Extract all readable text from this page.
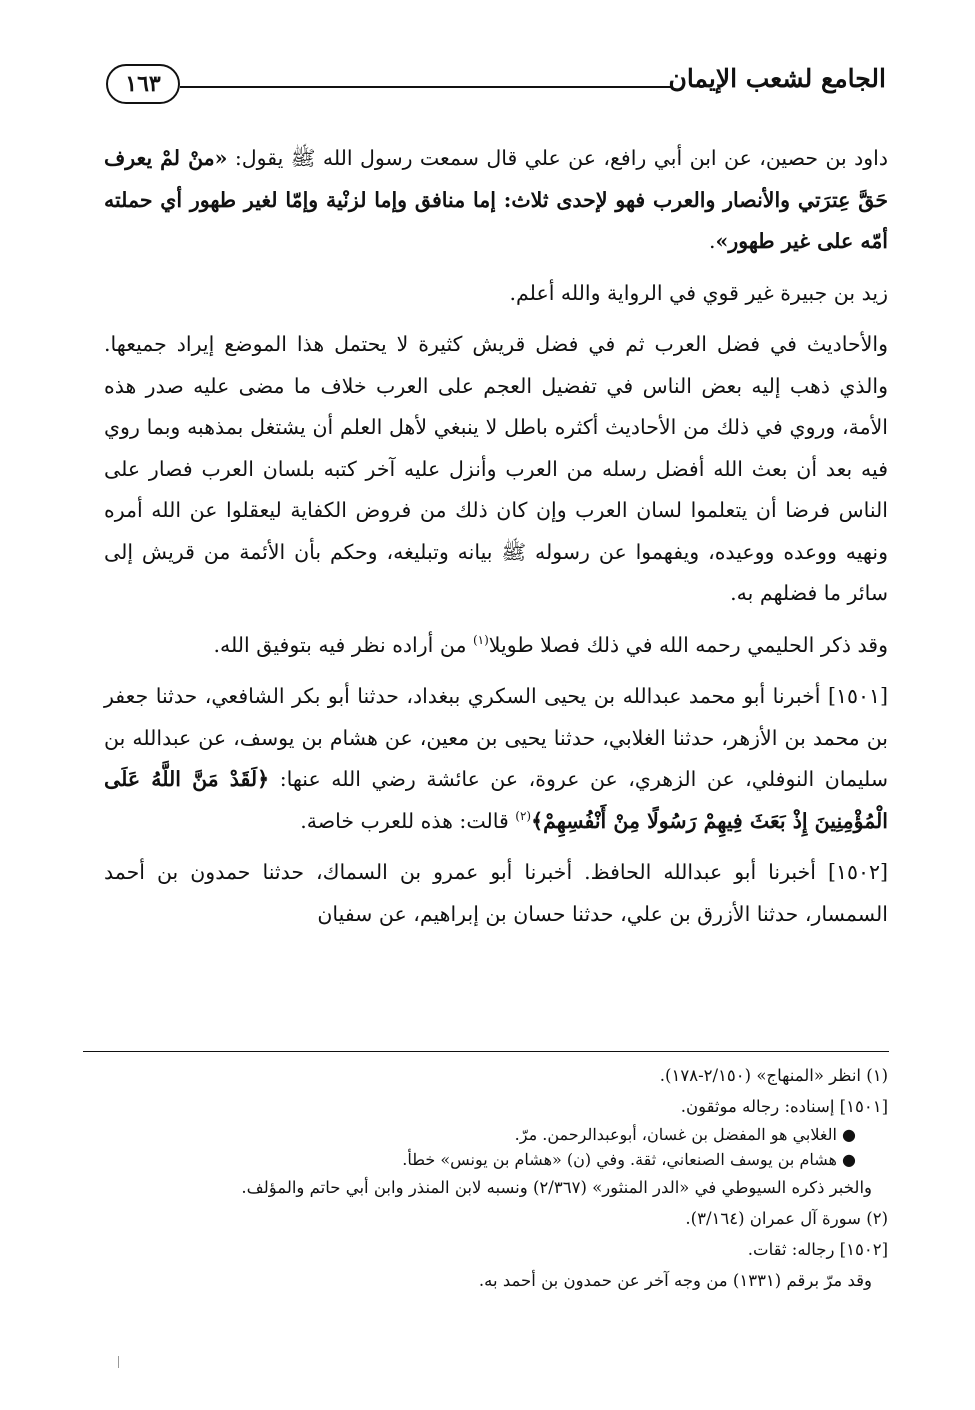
الجامع لشعب الإيمان
١٦٣

داود بن حصين، عن ابن أبي رافع، عن علي قال سمعت رسول الله ﷺ يقول: «منْ لمْ يعرف حَقَّ عِترَتي والأنصار والعرب فهو لإحدى ثلاث: إما منافق وإما لزنْية وإمّا لغير طهور أي حملته أمّه على غير طهور».

زيد بن جبيرة غير قوي في الرواية والله أعلم.

والأحاديث في فضل العرب ثم في فضل قريش كثيرة لا يحتمل هذا الموضع إيراد جميعها. والذي ذهب إليه بعض الناس في تفضيل العجم على العرب خلاف ما مضى عليه صدر هذه الأمة، وروي في ذلك من الأحاديث أكثره باطل لا ينبغي لأهل العلم أن يشتغل بمذهبه وبما روي فيه بعد أن بعث الله أفضل رسله من العرب وأنزل عليه آخر كتبه بلسان العرب فصار على الناس فرضا أن يتعلموا لسان العرب وإن كان ذلك من فروض الكفاية ليعقلوا عن الله أمره ونهيه ووعده ووعيده، ويفهموا عن رسوله ﷺ بيانه وتبليغه، وحكم بأن الأئمة من قريش إلى سائر ما فضلهم به.

وقد ذكر الحليمي رحمه الله في ذلك فصلا طويلا$^{(١)}$ من أراده نظر فيه بتوفيق الله.

[١٥٠١] أخبرنا أبو محمد عبدالله بن يحيى السكري ببغداد، حدثنا أبو بكر الشافعي، حدثنا جعفر بن محمد بن الأزهر، حدثنا الغلابي، حدثنا يحيى بن معين، عن هشام بن يوسف، عن عبدالله بن سليمان النوفلي، عن الزهري، عن عروة، عن عائشة رضي الله عنها: ﴿لَقَدْ مَنَّ اللَّهُ عَلَى الْمُؤْمِنِينَ إِذْ بَعَثَ فِيهِمْ رَسُولًا مِنْ أَنْفُسِهِمْ﴾$^{(٢)}$ قالت: هذه للعرب خاصة.

[١٥٠٢] أخبرنا أبو عبدالله الحافظ. أخبرنا أبو عمرو بن السماك، حدثنا حمدون بن أحمد السمسار، حدثنا الأزرق بن علي، حدثنا حسان بن إبراهيم، عن سفيان

(١) انظر «المنهاج» (٢/١٥٠-١٧٨).

[١٥٠١] إسناده: رجاله موثقون.

● الغلابي هو المفضل بن غسان، أبوعبدالرحمن. مرّ.

● هشام بن يوسف الصنعاني، ثقة. وفي (ن) «هشام بن يونس» خطأ.

والخبر ذكره السيوطي في «الدر المنثور» (٢/٣٦٧) ونسبه لابن المنذر وابن أبي حاتم والمؤلف.

(٢) سورة آل عمران (٣/١٦٤).

[١٥٠٢] رجاله: ثقات.

وقد مرّ برقم (١٣٣١) من وجه آخر عن حمدون بن أحمد به.
